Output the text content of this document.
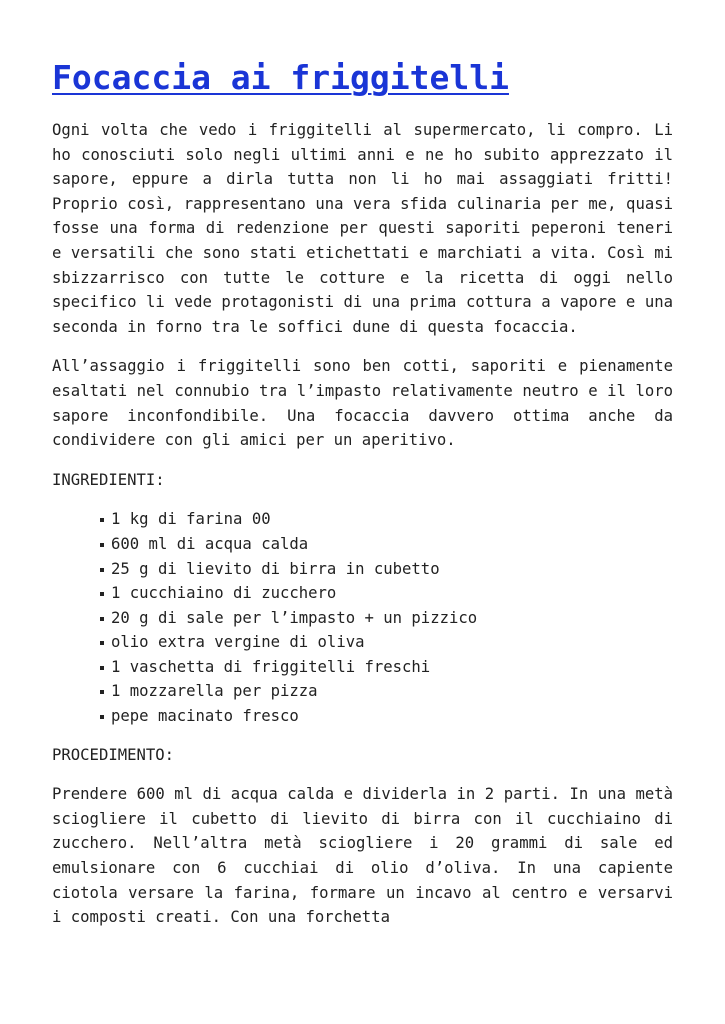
Focaccia ai friggitelli

Ogni volta che vedo i friggitelli al supermercato, li compro. Li ho conosciuti solo negli ultimi anni e ne ho subito apprezzato il sapore, eppure a dirla tutta non li ho mai assaggiati fritti! Proprio così, rappresentano una vera sfida culinaria per me, quasi fosse una forma di redenzione per questi saporiti peperoni teneri e versatili che sono stati etichettati e marchiati a vita. Così mi sbizzarrisco con tutte le cotture e la ricetta di oggi nello specifico li vede protagonisti di una prima cottura a vapore e una seconda in forno tra le soffici dune di questa focaccia.

All’assaggio i friggitelli sono ben cotti, saporiti e pienamente esaltati nel connubio tra l’impasto relativamente neutro e il loro sapore inconfondibile. Una focaccia davvero ottima anche da condividere con gli amici per un aperitivo.

INGREDIENTI:

1 kg di farina 00
600 ml di acqua calda
25 g di lievito di birra in cubetto
1 cucchiaino di zucchero
20 g di sale per l’impasto + un pizzico
olio extra vergine di oliva
1 vaschetta di friggitelli freschi
1 mozzarella per pizza
pepe macinato fresco

PROCEDIMENTO:

Prendere 600 ml di acqua calda e dividerla in 2 parti. In una metà sciogliere il cubetto di lievito di birra con il cucchiaino di zucchero. Nell’altra metà sciogliere i 20 grammi di sale ed emulsionare con 6 cucchiai di olio d’oliva. In una capiente ciotola versare la farina, formare un incavo al centro e versarvi i composti creati. Con una forchetta
